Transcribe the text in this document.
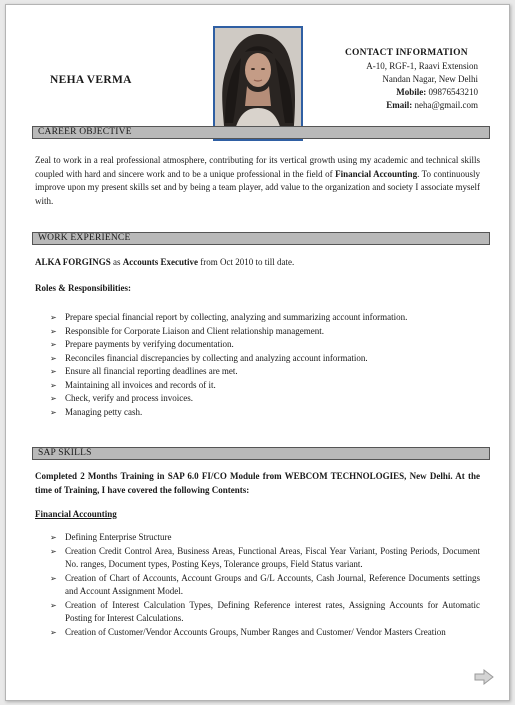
NEHA VERMA
CONTACT INFORMATION
A-10, RGF-1, Raavi Extension
Nandan Nagar, New Delhi
Mobile: 09876543210
Email: neha@gmail.com
CAREER OBJECTIVE
Zeal to work in a real professional atmosphere, contributing for its vertical growth using my academic and technical skills coupled with hard and sincere work and to be a unique professional in the field of Financial Accounting. To continuously improve upon my present skills set and by being a team player, add value to the organization and society I associate myself with.
WORK EXPERIENCE
ALKA FORGINGS as Accounts Executive from Oct 2010 to till date.
Roles & Responsibilities:
➢ Prepare special financial report by collecting, analyzing and summarizing account information.
➢ Responsible for Corporate Liaison and Client relationship management.
➢ Prepare payments by verifying documentation.
➢ Reconciles financial discrepancies by collecting and analyzing account information.
➢ Ensure all financial reporting deadlines are met.
➢ Maintaining all invoices and records of it.
➢ Check, verify and process invoices.
➢ Managing petty cash.
SAP SKILLS
Completed 2 Months Training in SAP 6.0 FI/CO Module from WEBCOM TECHNOLOGIES, New Delhi. At the time of Training, I have covered the following Contents:
Financial Accounting
➢ Defining Enterprise Structure
➢ Creation Credit Control Area, Business Areas, Functional Areas, Fiscal Year Variant, Posting Periods, Document No. ranges, Document types, Posting Keys, Tolerance groups, Field Status variant.
➢ Creation of Chart of Accounts, Account Groups and G/L Accounts, Cash Journal, Reference Documents settings and Account Assignment Model.
➢ Creation of Interest Calculation Types, Defining Reference interest rates, Assigning Accounts for Automatic Posting for Interest Calculations.
➢ Creation of Customer/Vendor Accounts Groups, Number Ranges and Customer/ Vendor Masters Creation
